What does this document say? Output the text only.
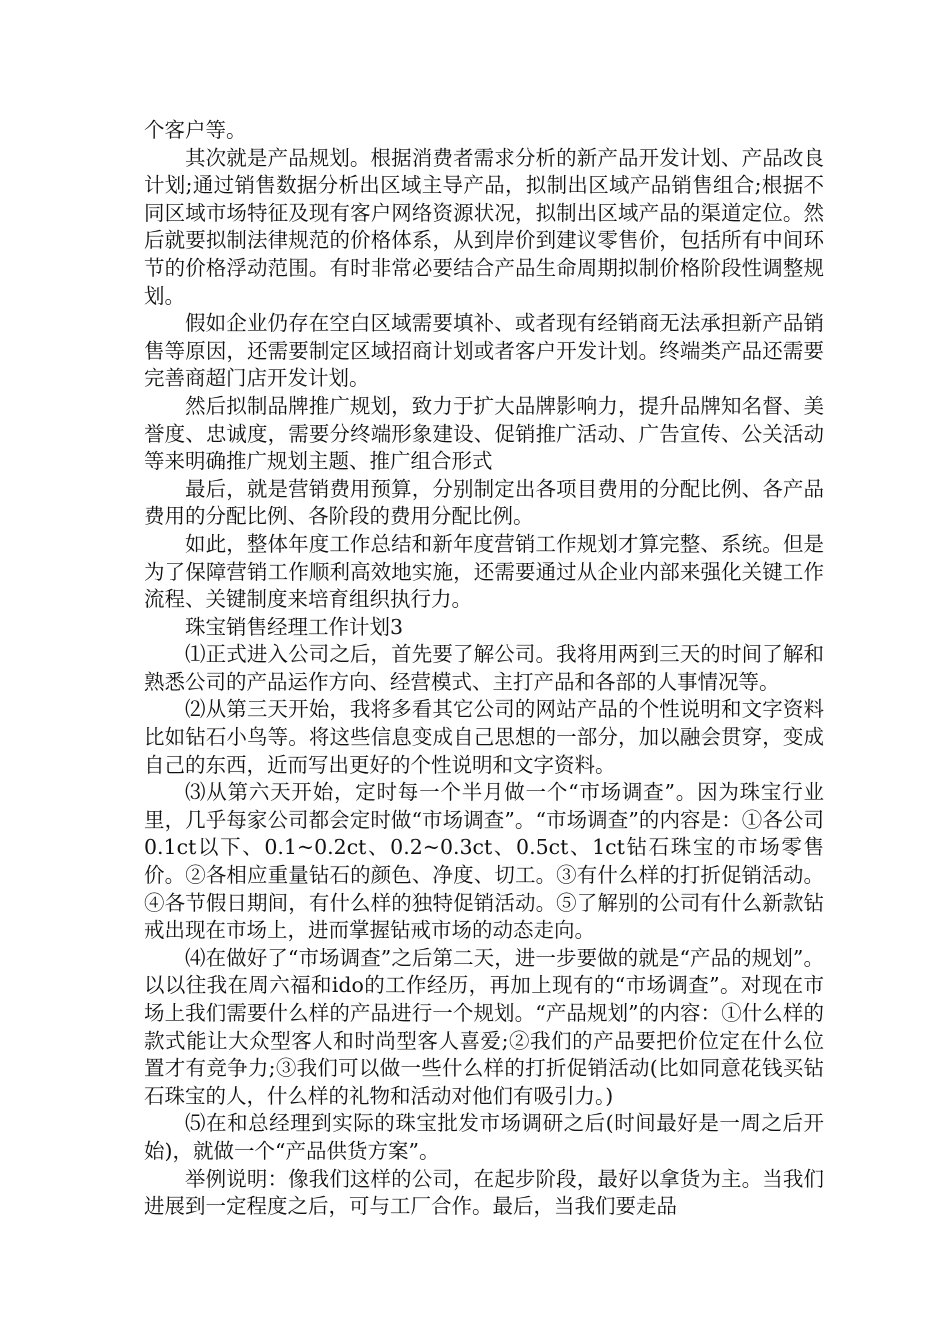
个客户等。

其次就是产品规划。根据消费者需求分析的新产品开发计划、产品改良计划;通过销售数据分析出区域主导产品，拟制出区域产品销售组合;根据不同区域市场特征及现有客户网络资源状况，拟制出区域产品的渠道定位。然后就要拟制法律规范的价格体系，从到岸价到建议零售价，包括所有中间环节的价格浮动范围。有时非常必要结合产品生命周期拟制价格阶段性调整规划。

假如企业仍存在空白区域需要填补、或者现有经销商无法承担新产品销售等原因，还需要制定区域招商计划或者客户开发计划。终端类产品还需要完善商超门店开发计划。

然后拟制品牌推广规划，致力于扩大品牌影响力，提升品牌知名督、美誉度、忠诚度，需要分终端形象建设、促销推广活动、广告宣传、公关活动等来明确推广规划主题、推广组合形式

最后，就是营销费用预算，分别制定出各项目费用的分配比例、各产品费用的分配比例、各阶段的费用分配比例。

如此，整体年度工作总结和新年度营销工作规划才算完整、系统。但是为了保障营销工作顺利高效地实施，还需要通过从企业内部来强化关键工作流程、关键制度来培育组织执行力。

珠宝销售经理工作计划3

⑴正式进入公司之后，首先要了解公司。我将用两到三天的时间了解和熟悉公司的产品运作方向、经营模式、主打产品和各部的人事情况等。

⑵从第三天开始，我将多看其它公司的网站产品的个性说明和文字资料比如钻石小鸟等。将这些信息变成自己思想的一部分，加以融会贯穿，变成自己的东西，近而写出更好的个性说明和文字资料。

⑶从第六天开始，定时每一个半月做一个“市场调查”。因为珠宝行业里，几乎每家公司都会定时做“市场调查”。“市场调查”的内容是：①各公司0.1ct以下、0.1~0.2ct、0.2~0.3ct、0.5ct、1ct钻石珠宝的市场零售价。②各相应重量钻石的颜色、净度、切工。③有什么样的打折促销活动。④各节假日期间，有什么样的独特促销活动。⑤了解别的公司有什么新款钻戒出现在市场上，进而掌握钻戒市场的动态走向。

⑷在做好了“市场调查”之后第二天，进一步要做的就是“产品的规划”。以以往我在周六福和ido的工作经历，再加上现有的“市场调查”。对现在市场上我们需要什么样的产品进行一个规划。“产品规划”的内容：①什么样的款式能让大众型客人和时尚型客人喜爱;②我们的产品要把价位定在什么位置才有竞争力;③我们可以做一些什么样的打折促销活动(比如同意花钱买钻石珠宝的人，什么样的礼物和活动对他们有吸引力。)

⑸在和总经理到实际的珠宝批发市场调研之后(时间最好是一周之后开始)，就做一个“产品供货方案”。

举例说明：像我们这样的公司，在起步阶段，最好以拿货为主。当我们进展到一定程度之后，可与工厂合作。最后，当我们要走品
